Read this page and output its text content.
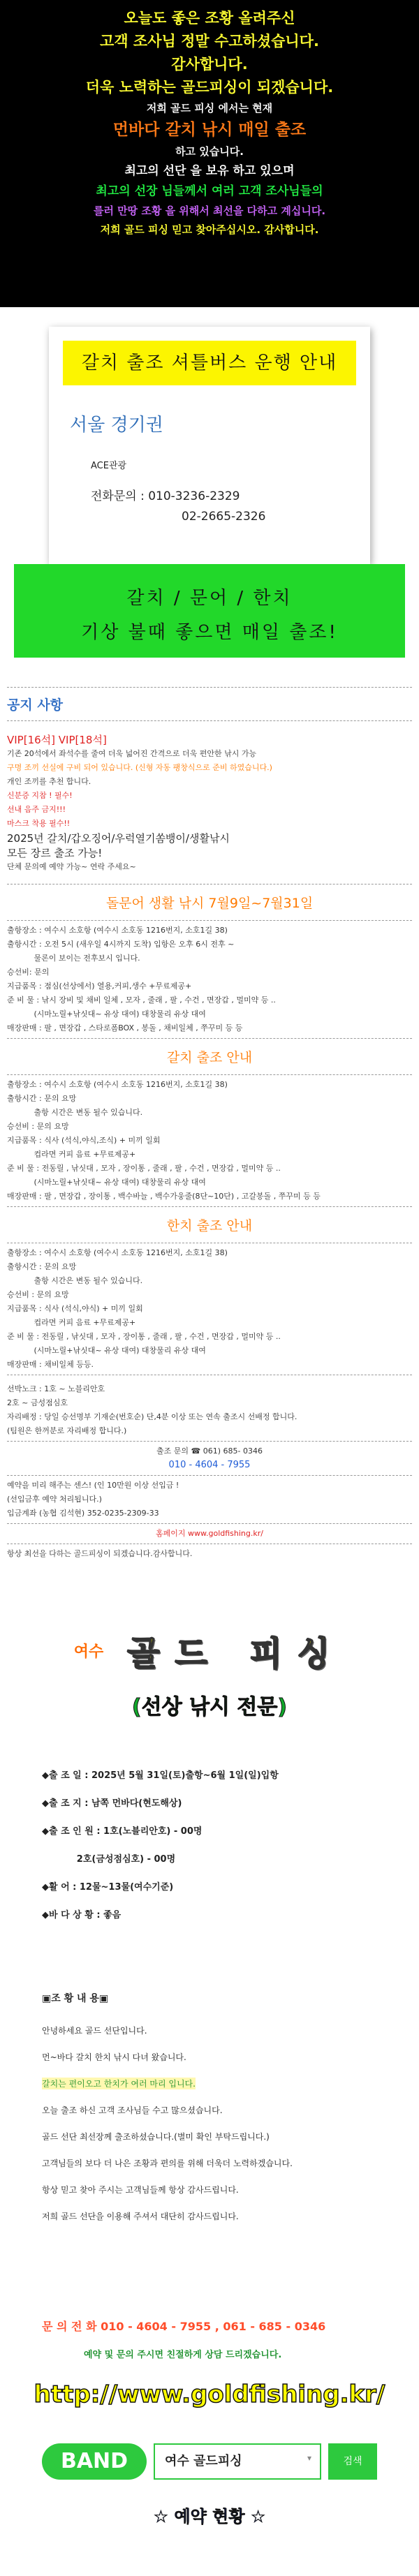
오늘도 좋은 조황 올려주신
고객 조사님 정말 수고하셨습니다.
감사합니다.
더욱 노력하는 골드피싱이 되겠습니다.
저희 골드 피싱 에서는 현재
먼바다 갈치 낚시 매일 출조
하고 있습니다.
최고의 선단 을 보유 하고 있으며
최고의 선장 님들께서 여러 고객 조사님들의
를러 만땅 조황 을 위해서 최선을 다하고 계십니다.
저희 골드 피싱 믿고 찾아주십시오. 감사합니다.
갈치 출조 셔틀버스 운행 안내
서울 경기권
ACE관광
전화문의 : 010-3236-2329
02-2665-2326
갈치 / 문어 / 한치
기상 불때 좋으면 매일 출조!
공지 사항
VIP[16석] VIP[18석]
기존 20석에서 좌석수를 줄여 더욱 넓어진 간격으로 더욱 편안한 낚시 가능
구명 조끼 선실에 구비 되어 있습니다. (신형 자동 팽창식으로 준비 하였습니다.)
개인 조끼를 추천 합니다.
신분증 지참 ! 필수!
선내 음주 금지!!!
마스크 착용 필수!!
2025년 갈치/갑오징어/우럭열기쏨뱅이/생활낚시
모든 장르 출조 가능!
단체 문의예 예약 가능~ 연락 주세요~
돌문어 생활 낚시 7월9일~7월31일
출항장소 : 여수시 소호항 (여수시 소호동 1216번지, 소호1길 38)
출항시간 : 오전 5시 (새우일 4시까지 도착) 입항은 오후 6시 전후 ~
물론이 보이는 전후보시 입니다.
승선비: 문의
지급품목 : 점심(선상에서) 열용,커피,생수 +무료제공+
준 비 물 : 낚시 장비 및 채비 일체 , 모자 , 줄래 , 팔 , 수건 , 면장갑 , 멀미약 등 ..
(시마노릴+낚싯대~ 유상 대여) 대창물리 유상 대여
매장판매 : 팔 , 면장갑 , 스타로폼BOX , 봉돌 , 채비일체 , 쭈꾸미 등 등
갈치 출조 안내
출항장소 : 여수시 소호항 (여수시 소호동 1216번지, 소호1길 38)
출항시간 : 문의 요망
출항 시간은 변동 될수 있습니다.
승선비 : 문의 요망
지급품목 : 식사 (석식,야식,조식) + 미끼 일회
컵라면 커피 음료 +무료제공+
준 비 물 : 전동릴 , 낚싯대 , 모자 , 장이통 , 줄래 , 팔 , 수건 , 면장갑 , 멀미약 등 ..
(시마노릴+낚싯대~ 유상 대여) 대창물리 유상 대여
매장판매 : 팔 , 면장갑 , 장이통 , 백수바늘 , 백수가웅줄(8단~10단) , 고갈봉돌 , 쭈꾸미 등 등
한치 출조 안내
출항장소 : 여수시 소호항 (여수시 소호동 1216번지, 소호1길 38)
출항시간 : 문의 요망
출항 시간은 변동 될수 있습니다.
승선비 : 문의 요망
지급품목 : 식사 (석식,야식) + 미끼 일회
컵라면 커피 음료 +무료제공+
준 비 물 : 전동릴 , 낚싯대 , 모자 , 장이통 , 줄래 , 팔 , 수건 , 면장갑 , 멀미약 등 ..
(시마노릴+낚싯대~ 유상 대여) 대창물리 유상 대여
매장판매 : 채비일체 등등.
선박노크 : 1호 ~ 노블리안호
2호 ~ 금성점심호
자리배정 : 당일 승선명부 기재순(번호순) 단,4분 이상 또는 연속 출조시 선배정 합니다.
(팀원은 한꺼분로 자리배정 합니다.)
출조 문의 ☎ 061) 685- 0346
010 - 4604 - 7955
예약을 미리 해주는 센스! (인 10만원 이상 선입금 !
(선입금후 예약 처리됩니다.)
입금계좌 (농협 김석현) 352-0235-2309-33
홈페이지 www.goldfishing.kr/
항상 최선을 다하는 골드피싱이 되겠습니다.감사합니다.
여수 골드 피싱
(선상 낚시 전문)
◆출 조 일 : 2025년 5월 31일(토)출항~6월 1일(일)입항
◆출 조 지 : 남쪽 먼바다(현도해상)
◆출 조 인 원 : 1호(노블리안호) - 00명
2호(금성점심호) - 00명
◆활 어 : 12물~13물(여수기준)
◆바 다 상 황 : 좋음
▣조 황 내 용▣
안녕하세요 골드 선단입니다.
먼~바다 갈치 한치 낚시 다녀 왔습니다.
갈치는 편이오고 한치가 여러 마리 입니다.
오늘 출조 하신 고객 조사님들 수고 많으셨습니다.
골드 선단 최선장께 출조하셨습니다.(별미 확인 부탁드립니다.)
고객님들의 보다 더 나은 조황과 편의를 위해 더욱더 노력하겠습니다.
항상 믿고 찾아 주시는 고객님들께 항상 감사드립니다.
저희 골드 선단을 이용해 주셔서 대단히 감사드립니다.
문 의 전 화 010 - 4604 - 7955 , 061 - 685 - 0346
예약 및 문의 주시면 친절하게 상담 드리겠습니다.
http://www.goldfishing.kr/
BAND	여수 골드피싱	▾	검색
☆ 예약 현황 ☆
